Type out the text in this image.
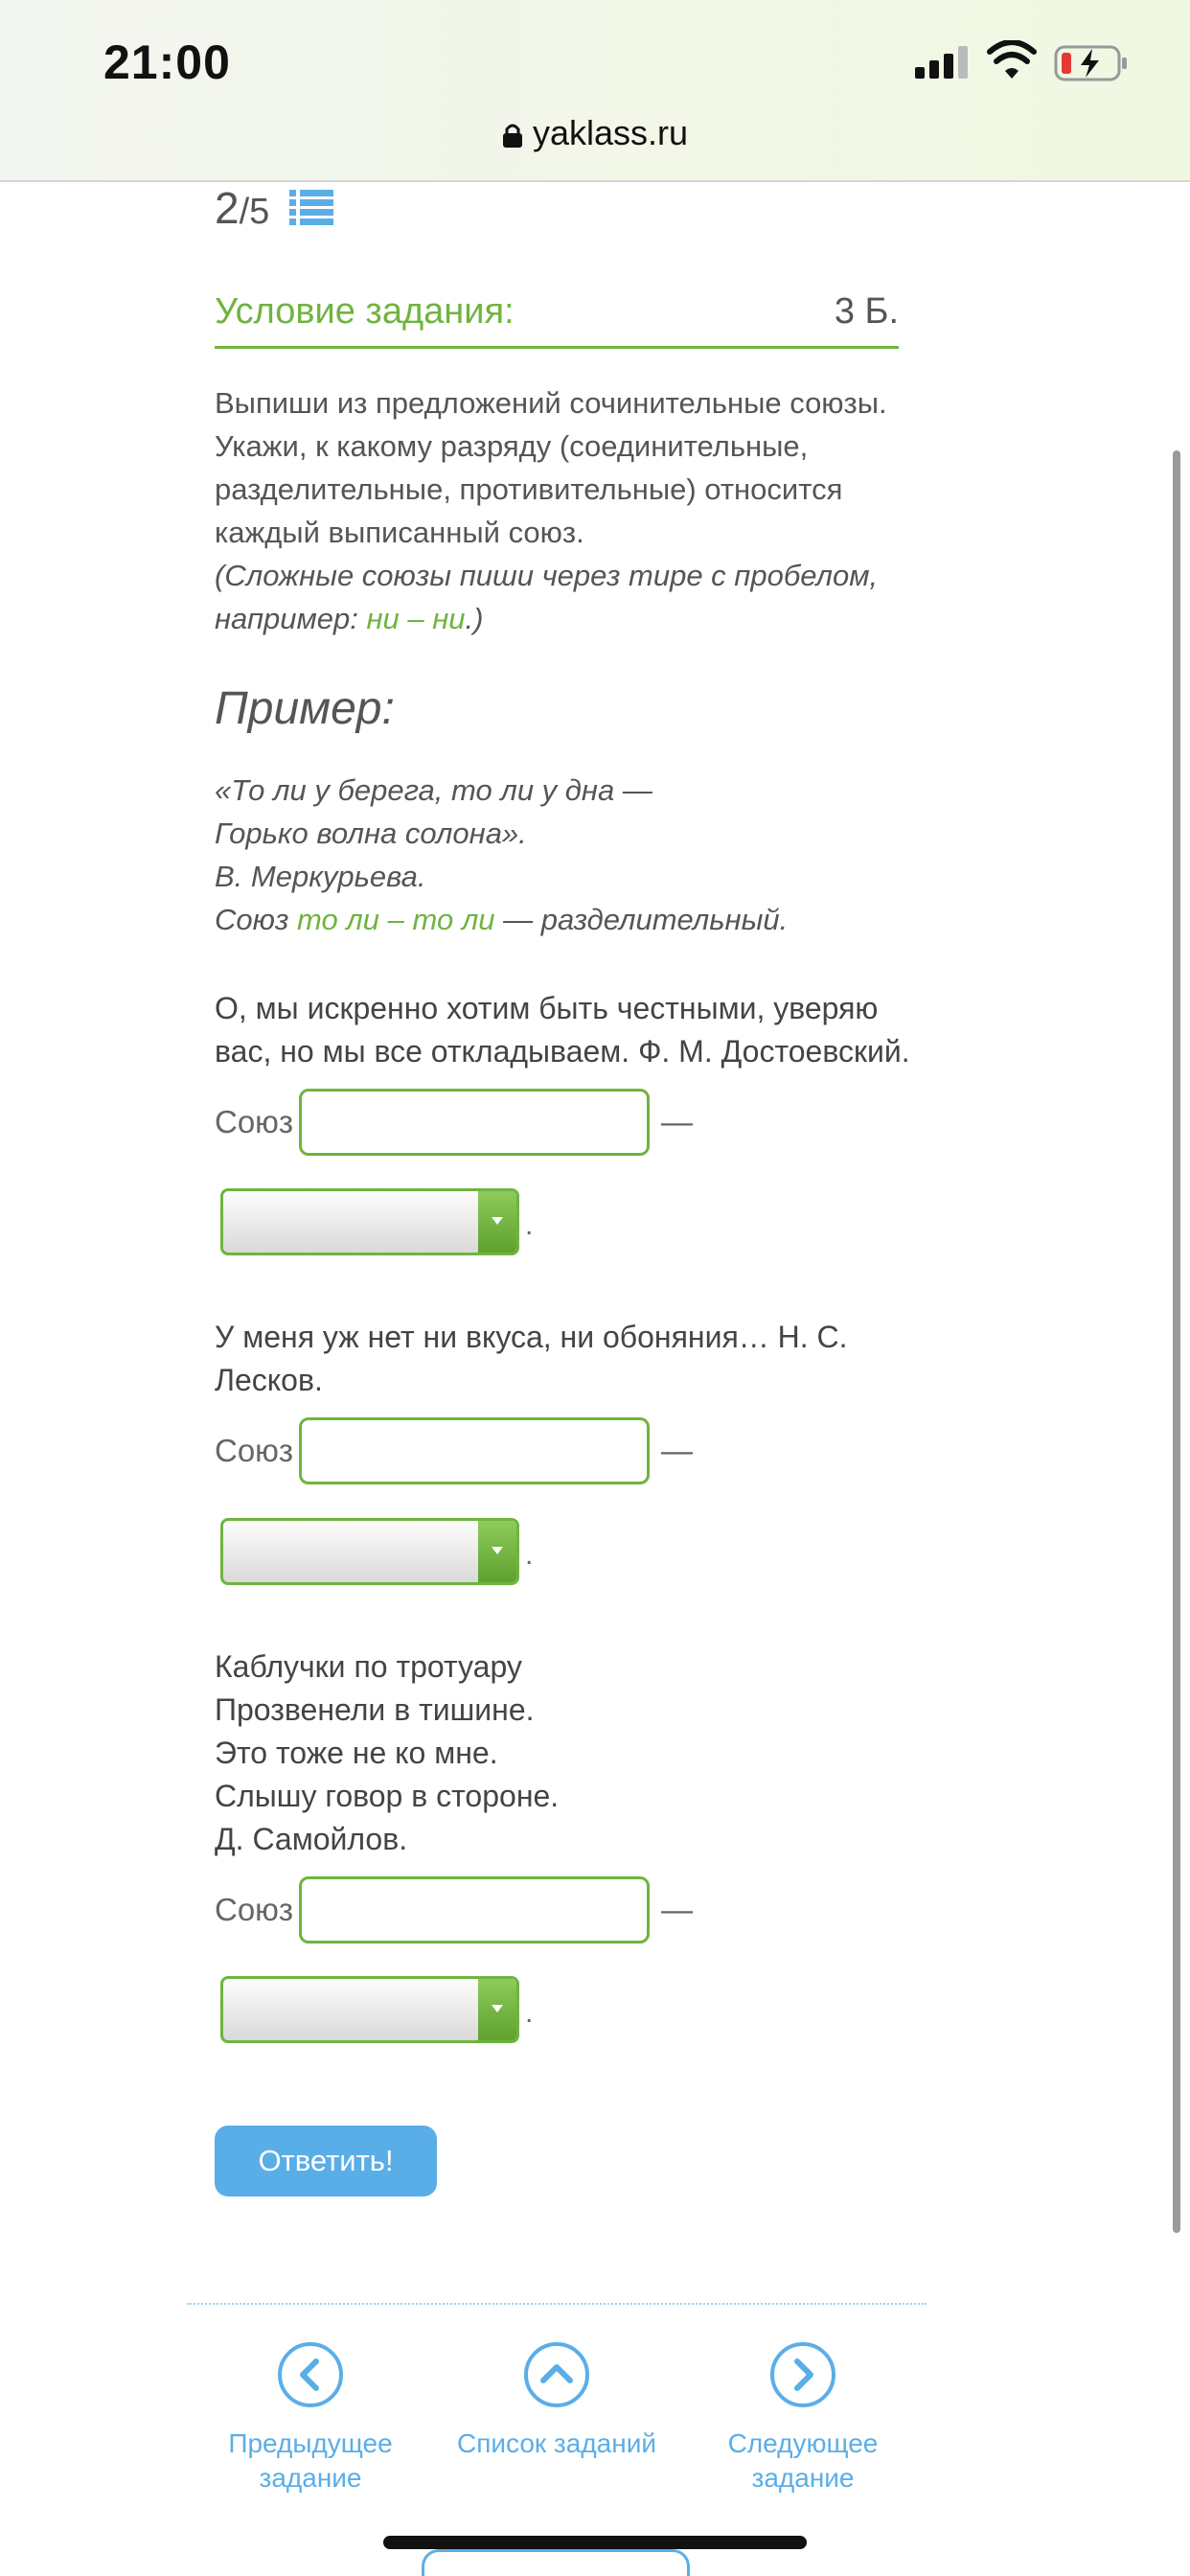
21:00
yaklass.ru
2/5
Условие задания:	3 Б.
Выпиши из предложений сочинительные союзы.
Укажи, к какому разряду (соединительные,
разделительные, противительные) относится
каждый выписанный союз.
(Сложные союзы пиши через тире с пробелом,
например: ни – ни.)
Пример:
«То ли у берега, то ли у дна —
Горько волна солона».
В. Меркурьева.
Союз то ли – то ли — разделительный.
О, мы искренно хотим быть честными, уверяю
вас, но мы все откладываем. Ф. М. Достоевский.
Союз	—
.
У меня уж нет ни вкуса, ни обоняния… Н. С.
Лесков.
Союз	—
.
Каблучки по тротуару
Прозвенели в тишине.
Это тоже не ко мне.
Слышу говор в стороне.
Д. Самойлов.
Союз	—
.
Ответить!
Предыдущее
задание
Список заданий	Следующее
задание
